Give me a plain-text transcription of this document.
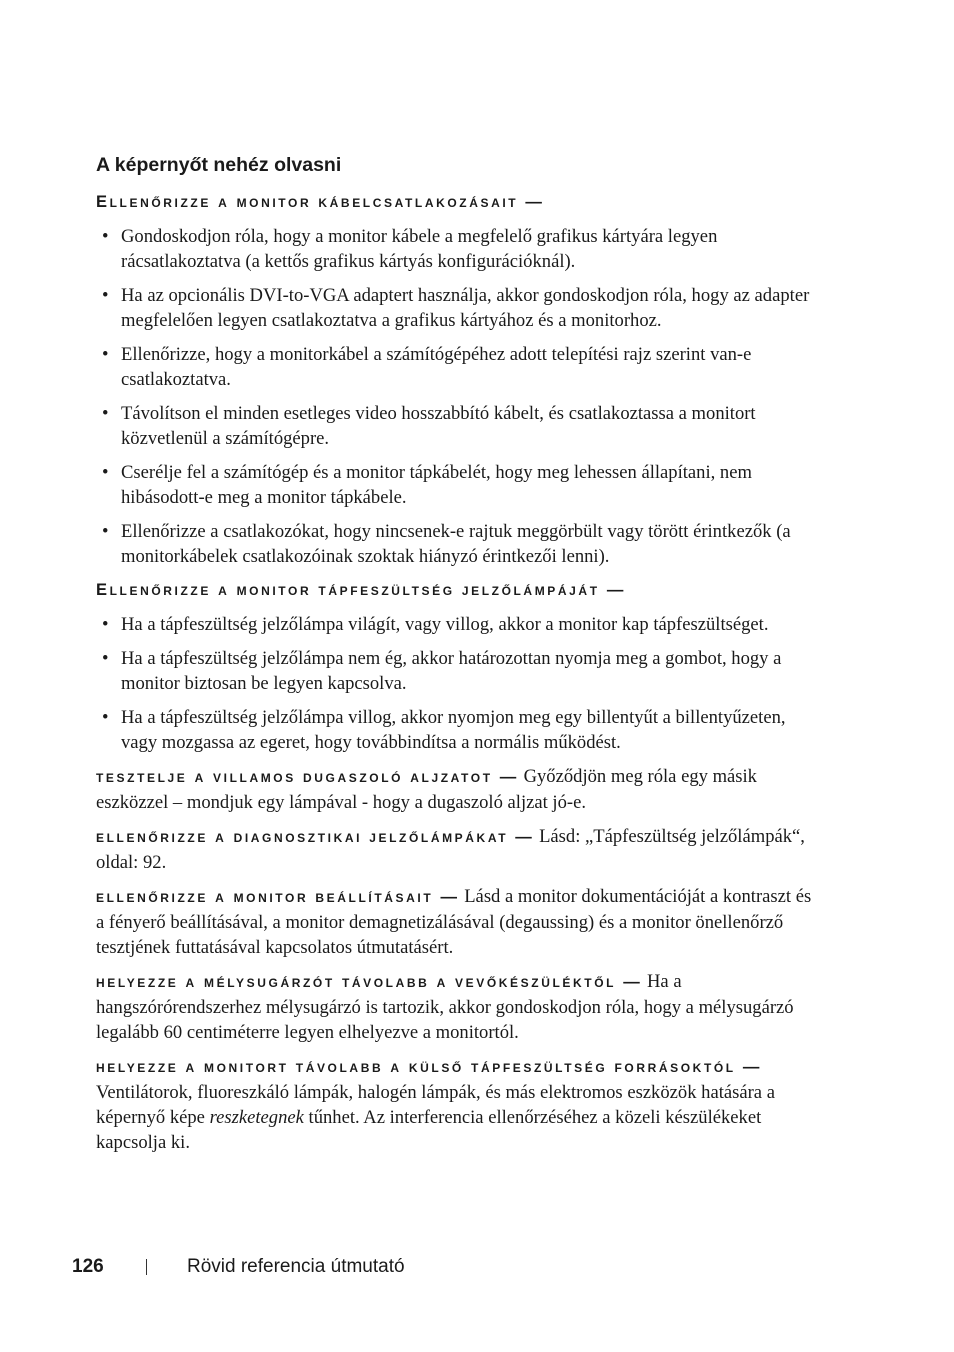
A képernyőt nehéz olvasni
Ellenőrizze a monitor kábelcsatlakozásait —
• Gondoskodjon róla, hogy a monitor kábele a megfelelő grafikus kártyára legyen rácsatlakoztatva (a kettős grafikus kártyás konfigurációknál).
• Ha az opcionális DVI-to-VGA adaptert használja, akkor gondoskodjon róla, hogy az adapter megfelelően legyen csatlakoztatva a grafikus kártyához és a monitorhoz.
• Ellenőrizze, hogy a monitorkábel a számítógépéhez adott telepítési rajz szerint van-e csatlakoztatva.
• Távolítson el minden esetleges video hosszabbító kábelt, és csatlakoztassa a monitort közvetlenül a számítógépre.
• Cserélje fel a számítógép és a monitor tápkábelét, hogy meg lehessen állapítani, nem hibásodott-e meg a monitor tápkábele.
• Ellenőrizze a csatlakozókat, hogy nincsenek-e rajtuk meggörbült vagy törött érintkezők (a monitorkábelek csatlakozóinak szoktak hiányzó érintkezői lenni).
Ellenőrizze a monitor tápfeszültség jelzőlámpáját —
• Ha a tápfeszültség jelzőlámpa világít, vagy villog, akkor a monitor kap tápfeszültséget.
• Ha a tápfeszültség jelzőlámpa nem ég, akkor határozottan nyomja meg a gombot, hogy a monitor biztosan be legyen kapcsolva.
• Ha a tápfeszültség jelzőlámpa villog, akkor nyomjon meg egy billentyűt a billentyűzeten, vagy mozgassa az egeret, hogy továbbindítsa a normális működést.

tesztelje a villamos dugaszoló aljzatot — Győződjön meg róla egy másik eszközzel – mondjuk egy lámpával - hogy a dugaszoló aljzat jó-e.

ellenőrizze a diagnosztikai jelzőlámpákat — Lásd: „Tápfeszültség jelzőlámpák“, oldal: 92.

ellenőrizze a monitor beállításait — Lásd a monitor dokumentációját a kontraszt és a fényerő beállításával, a monitor demagnetizálásával (degaussing) és a monitor önellenőrző tesztjének futtatásával kapcsolatos útmutatásért.

helyezze a mélysugárzót távolabb a vevőkészüléktől — Ha a hangszórórendszerhez mélysugárzó is tartozik, akkor gondoskodjon róla, hogy a mélysugárzó legalább 60 centiméterre legyen elhelyezve a monitortól.

helyezze a monitort távolabb a külső tápfeszültség forrásoktól — Ventilátorok, fluoreszkáló lámpák, halogén lámpák, és más elektromos eszközök hatására a képernyő képe reszketegnek tűnhet. Az interferencia ellenőrzéséhez a közeli készülékeket kapcsolja ki.

126	Rövid referencia útmutató
